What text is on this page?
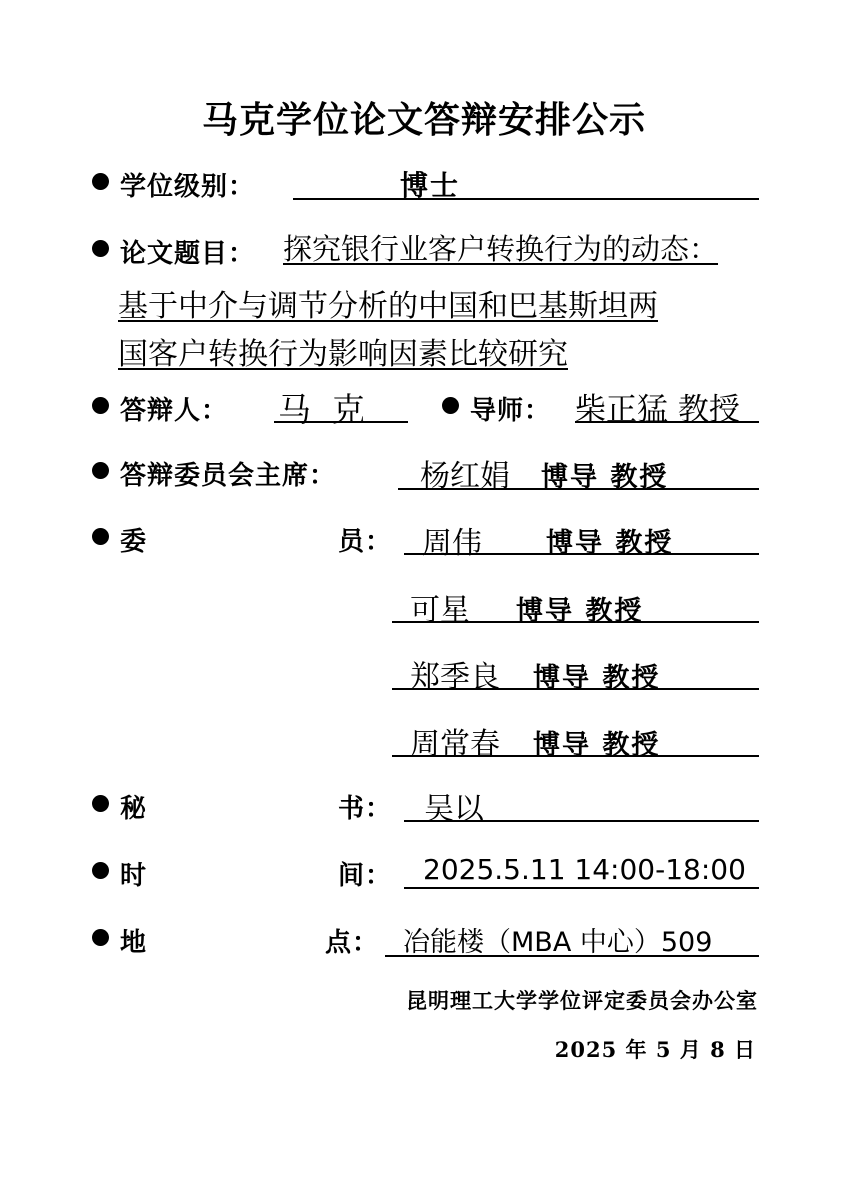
马克学位论文答辩安排公示
学位级别：	博士
论文题目： 探究银行业客户转换行为的动态：
基于中介与调节分析的中国和巴基斯坦两
国客户转换行为影响因素比较研究
答辩人： 马  克	导师： 柴正猛 教授
答辩委员会主席：	杨红娟 博导 教授
委	员： 周伟 博导 教授
可星 博导 教授
郑季良 博导 教授
周常春 博导 教授
秘	书： 吴以
时	间： 2025.5.11 14:00-18:00
地	点： 冶能楼（MBA 中心）509
昆明理工大学学位评定委员会办公室
2025 年 5 月 8 日
